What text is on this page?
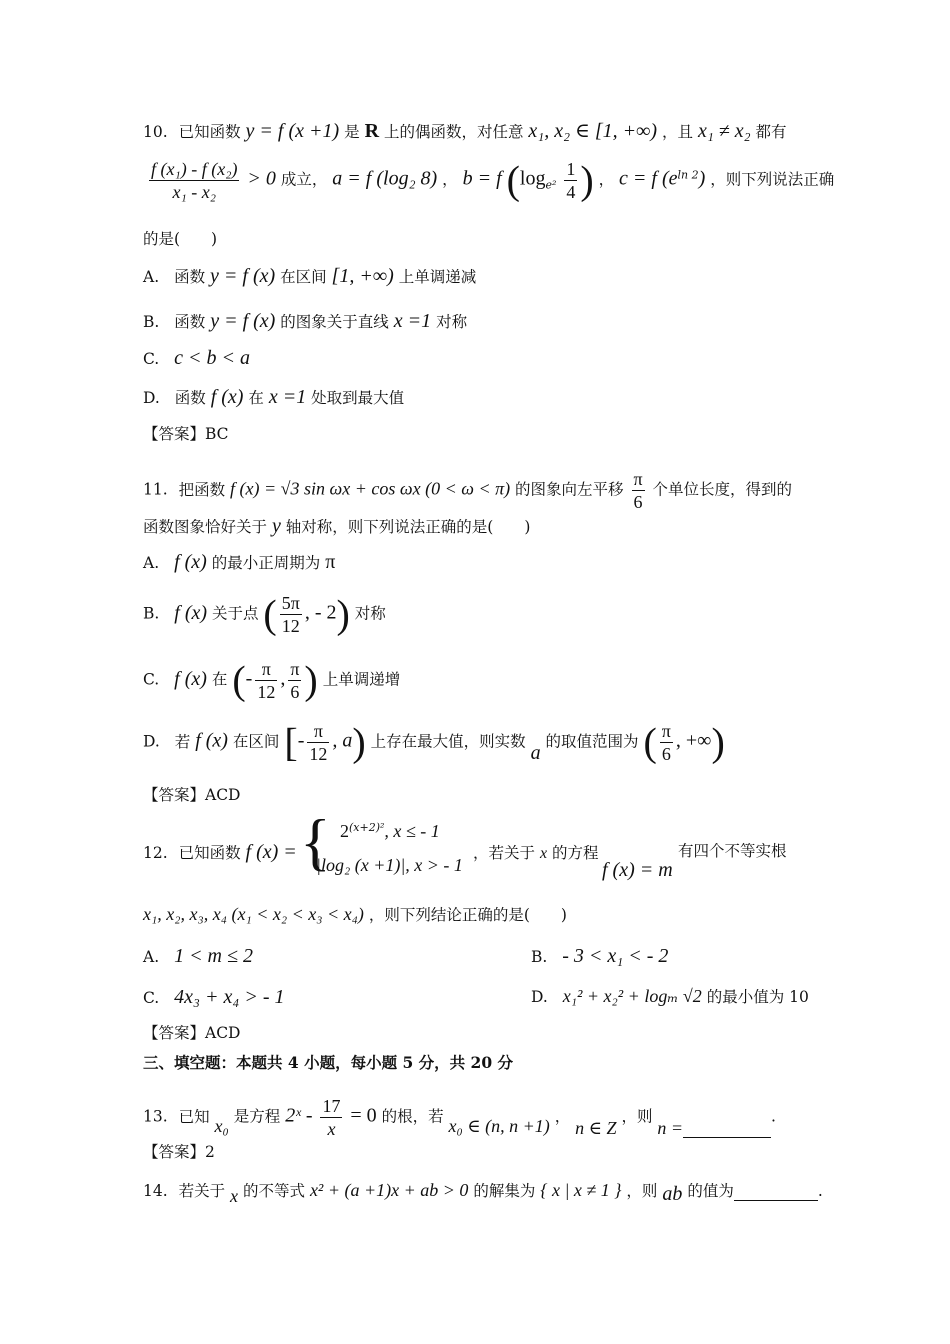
10. 已知函数 y = f (x +1) 是 R 上的偶函数，对任意 x₁, x₂ ∈ [1, +∞) ，且 x₁ ≠ x₂ 都有
$\frac{\text{f (x₁) - f (x₂)}}{\text{x₁ - x₂}} > 0$ 成立， a = f (log₂ 8) ， b = f ($\log_{e^2} \frac{1}{4}$ ) ， c = f $(e^{ln 2})$ ，则下列说法正确
的是(　　)
A. 函数 y = f (x) 在区间 [1, +∞) 上单调递减
B. 函数 y = f (x) 的图象关于直线 x =1 对称
C. c < b < a
D. 函数 f (x) 在 x =1 处取到最大值
【答案】BC
11. 把函数 f (x) = √3 sin ωx + cos ωx (0 < ω < π) 的图象向左平移 $\frac{\pi}{6}$ 个单位长度，得到的
函数图象恰好关于 y 轴对称，则下列说法正确的是(　　)
A. f (x) 的最小正周期为 π
B. f (x) 关于点 ( $\frac{5\pi}{12}$ , - 2) 对称
C. f (x) 在 (- $\frac{\pi}{12}$ , $\frac{\pi}{6}$ ) 上单调递增
D. 若 f (x) 在区间 [- $\frac{\pi}{12}$ , a) 上存在最大值，则实数 a 的取值范围为 ( $\frac{\pi}{6}$ , +∞)
【答案】ACD
12. 已知函数 f (x) = { $2^{(x+2)^2}$, x ≤ - 1
|log₂ (x +1)|, x > - 1
，若关于 x 的方程
f (x) = m
有四个不等实根
x₁, x₂, x₃, x₄ (x₁ < x₂ < x₃ < x₄) ，则下列结论正确的是(　　)
A. 1 < m ≤ 2	B. - 3 < x₁ < - 2
C. 4x₃ + x₄ > - 1	D. x₁² + x₂² + logₘ √2 的最小值为 10
【答案】ACD
三、填空题：本题共 4 小题，每小题 5 分，共 20 分
13. 已知 x₀ 是方程 2ˣ - $\frac{17}{x} = 0$ 的根，若 x₀ ∈ (n, n +1) ， n ∈ Z ，则 n = .
【答案】2
14. 若关于 x 的不等式 x² + (a +1)x + ab > 0 的解集为 { x | x ≠ 1 } ，则 ab 的值为	.
